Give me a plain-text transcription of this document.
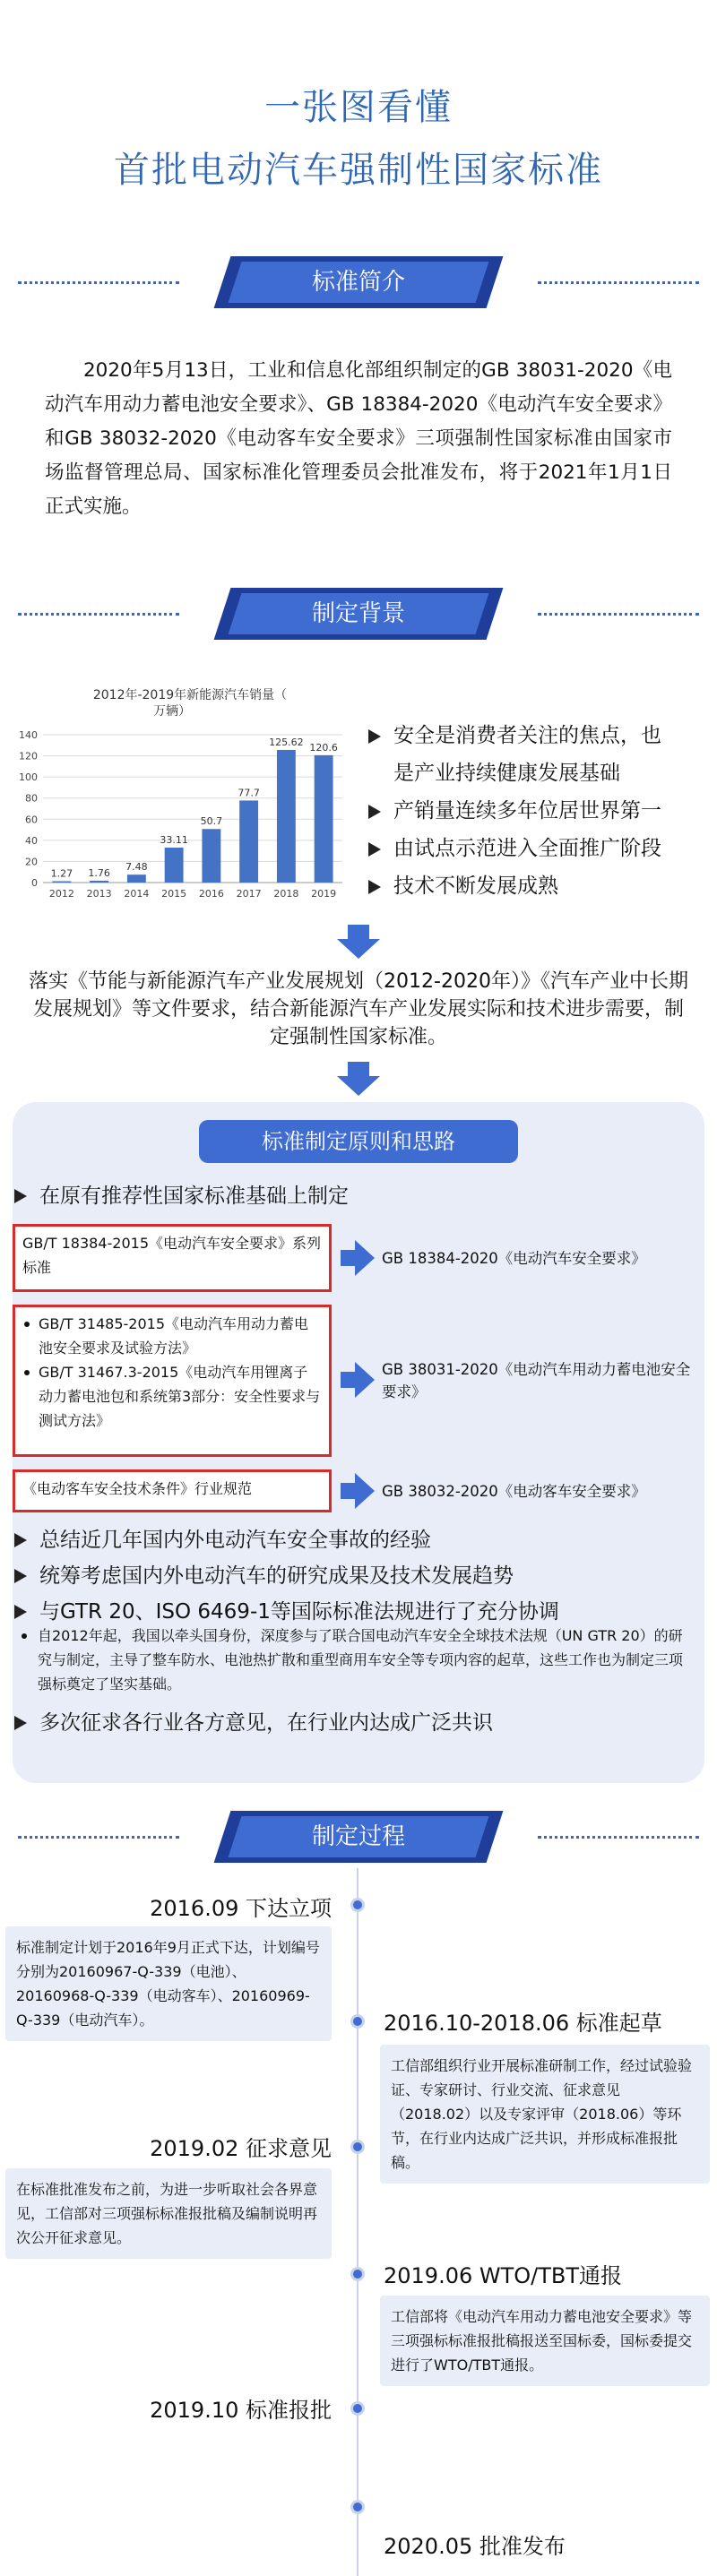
一张图看懂
首批电动汽车强制性国家标准
标准简介

2020年5月13日，工业和信息化部组织制定的GB 38031-2020《电动汽车用动力蓄电池安全要求》、GB 18384-2020《电动汽车安全要求》和GB 38032-2020《电动客车安全要求》三项强制性国家标准由国家市场监督管理总局、国家标准化管理委员会批准发布，将于2021年1月1日正式实施。

制定背景
2012年-2019年新能源汽车销量（
万辆）
0
20
40
60
80
100
120
140
1.27
2012
1.76
2013
7.48
2014
33.11
2015
50.7
2016
77.7
2017
125.62
2018
120.6
2019
安全是消费者关注的焦点，也
是产业持续健康发展基础
产销量连续多年位居世界第一
由试点示范进入全面推广阶段
技术不断发展成熟

落实《节能与新能源汽车产业发展规划（2012-2020年）》《汽车产业中长期发展规划》等文件要求，结合新能源汽车产业发展实际和技术进步需要，制定强制性国家标准。

标准制定原则和思路
在原有推荐性国家标准基础上制定
GB/T 18384-2015《电动汽车安全要求》系列标准
GB 18384-2020《电动汽车安全要求》
GB/T 31485-2015《电动汽车用动力蓄电池安全要求及试验方法》
GB/T 31467.3-2015《电动汽车用锂离子动力蓄电池包和系统第3部分：安全性要求与测试方法》
GB 38031-2020《电动汽车用动力蓄电池安全要求》
《电动客车安全技术条件》行业规范	GB 38032-2020《电动客车安全要求》
总结近几年国内外电动汽车安全事故的经验
统筹考虑国内外电动汽车的研究成果及技术发展趋势
与GTR 20、ISO 6469-1等国际标准法规进行了充分协调
自2012年起，我国以牵头国身份，深度参与了联合国电动汽车安全全球技术法规（UN GTR 20）的研究与制定，主导了整车防水、电池热扩散和重型商用车安全等专项内容的起草，这些工作也为制定三项强标奠定了坚实基础。
多次征求各行业各方意见，在行业内达成广泛共识
制定过程
2016.09 下达立项
标准制定计划于2016年9月正式下达，计划编号分别为20160967-Q-339（电池）、20160968-Q-339（电动客车）、20160969-Q-339（电动汽车）。	2016.10-2018.06 标准起草
工信部组织行业开展标准研制工作，经过试验验证、专家研讨、行业交流、征求意见（2018.02）以及专家评审（2018.06）等环节，在行业内达成广泛共识，并形成标准报批稿。
2019.02 征求意见
在标准批准发布之前，为进一步听取社会各界意见，工信部对三项强标标准报批稿及编制说明再次公开征求意见。
2019.06 WTO/TBT通报
工信部将《电动汽车用动力蓄电池安全要求》等三项强标标准报批稿报送至国标委，国标委提交进行了WTO/TBT通报。
2019.10 标准报批
2020.05 批准发布
